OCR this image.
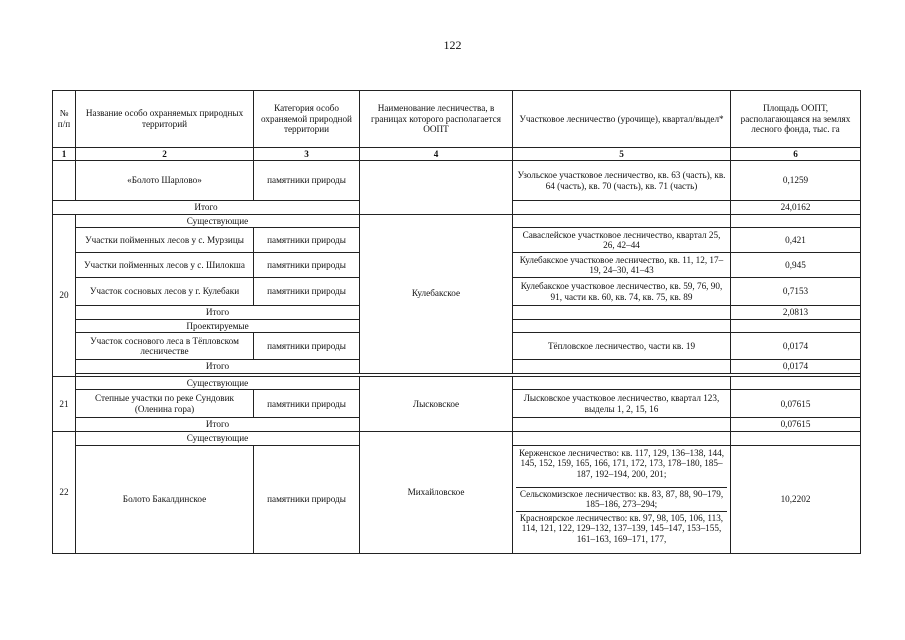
122
№ п/п	Название особо охраняемых природных территорий	Категория особо охраняемой природной территории	Наименование лесничества, в границах которого располагается ООПТ	Участковое лесничество (урочище), квартал/выдел*	Площадь ООПТ, располагающаяся на землях лесного фонда, тыс. га
1	2	3	4	5	6
	«Болото Шарлово»	памятники природы		Узольское участковое лесничество, кв. 63 (часть), кв. 64 (часть), кв. 70 (часть), кв. 71 (часть)	0,1259
Итого					24,0162
20	Существующие		Кулебакское		
	Участки пойменных лесов у с. Мурзицы	памятники природы		Саваслейское участковое лесничество, квартал 25, 26, 42–44	0,421
	Участки пойменных лесов у с. Шилокша	памятники природы		Кулебакское участковое лесничество, кв. 11, 12, 17–19, 24–30, 41–43	0,945
	Участок сосновых лесов у г. Кулебаки	памятники природы		Кулебакское участковое лесничество, кв. 59, 76, 90, 91, части кв. 60, кв. 74, кв. 75, кв. 89	0,7153
	Итого				2,0813
	Проектируемые				
	Участок соснового леса в Тёпловском лесничестве	памятники природы		Тёпловское лесничество, части кв. 19	0,0174
	Итого				0,0174

21	Существующие		Лысковское		
	Степные участки по реке Сундовик (Оленина гора)	памятники природы		Лысковское участковое лесничество, квартал 123, выделы 1, 2, 15, 16	0,07615
	Итого				0,07615
22	Существующие		Михайловское		
	Болото Бакалдинское	памятники природы		Керженское лесничество: кв. 117, 129, 136–138, 144, 145, 152, 159, 165, 166, 171, 172, 173, 178–180, 185–187, 192–194, 200, 201;
Сельскомизское лесничество: кв. 83, 87, 88, 90–179, 185–186, 273–294;
Красноярское лесничество: кв. 97, 98, 105, 106, 113, 114, 121, 122, 129–132, 137–139, 145–147, 153–155, 161–163, 169–171, 177,	10,2202
